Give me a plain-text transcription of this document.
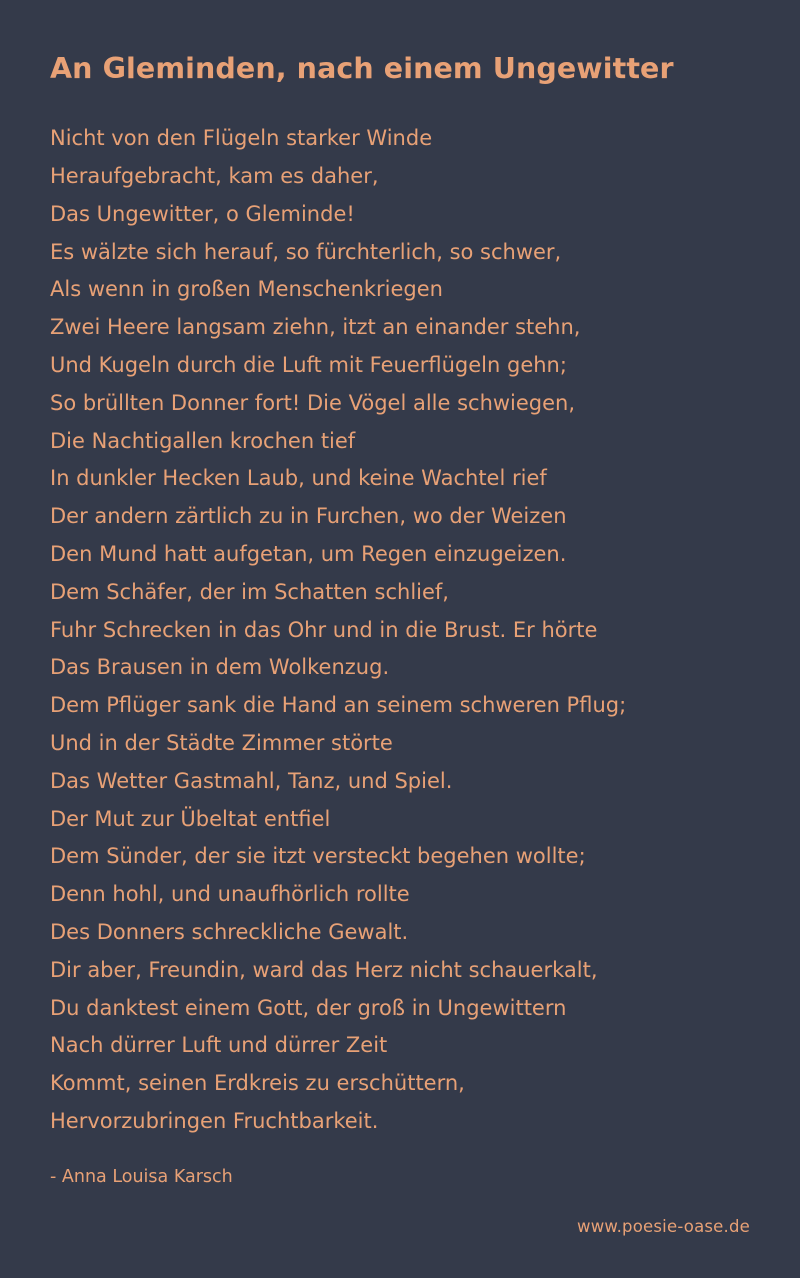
An Gleminden, nach einem Ungewitter
Nicht von den Flügeln starker Winde
Heraufgebracht, kam es daher,
Das Ungewitter, o Gleminde!
Es wälzte sich herauf, so fürchterlich, so schwer,
Als wenn in großen Menschenkriegen
Zwei Heere langsam ziehn, itzt an einander stehn,
Und Kugeln durch die Luft mit Feuerflügeln gehn;
So brüllten Donner fort! Die Vögel alle schwiegen,
Die Nachtigallen krochen tief
In dunkler Hecken Laub, und keine Wachtel rief
Der andern zärtlich zu in Furchen, wo der Weizen
Den Mund hatt aufgetan, um Regen einzugeizen.
Dem Schäfer, der im Schatten schlief,
Fuhr Schrecken in das Ohr und in die Brust. Er hörte
Das Brausen in dem Wolkenzug.
Dem Pflüger sank die Hand an seinem schweren Pflug;
Und in der Städte Zimmer störte
Das Wetter Gastmahl, Tanz, und Spiel.
Der Mut zur Übeltat entfiel
Dem Sünder, der sie itzt versteckt begehen wollte;
Denn hohl, und unaufhörlich rollte
Des Donners schreckliche Gewalt.
Dir aber, Freundin, ward das Herz nicht schauerkalt,
Du danktest einem Gott, der groß in Ungewittern
Nach dürrer Luft und dürrer Zeit
Kommt, seinen Erdkreis zu erschüttern,
Hervorzubringen Fruchtbarkeit.
- Anna Louisa Karsch
www.poesie-oase.de
